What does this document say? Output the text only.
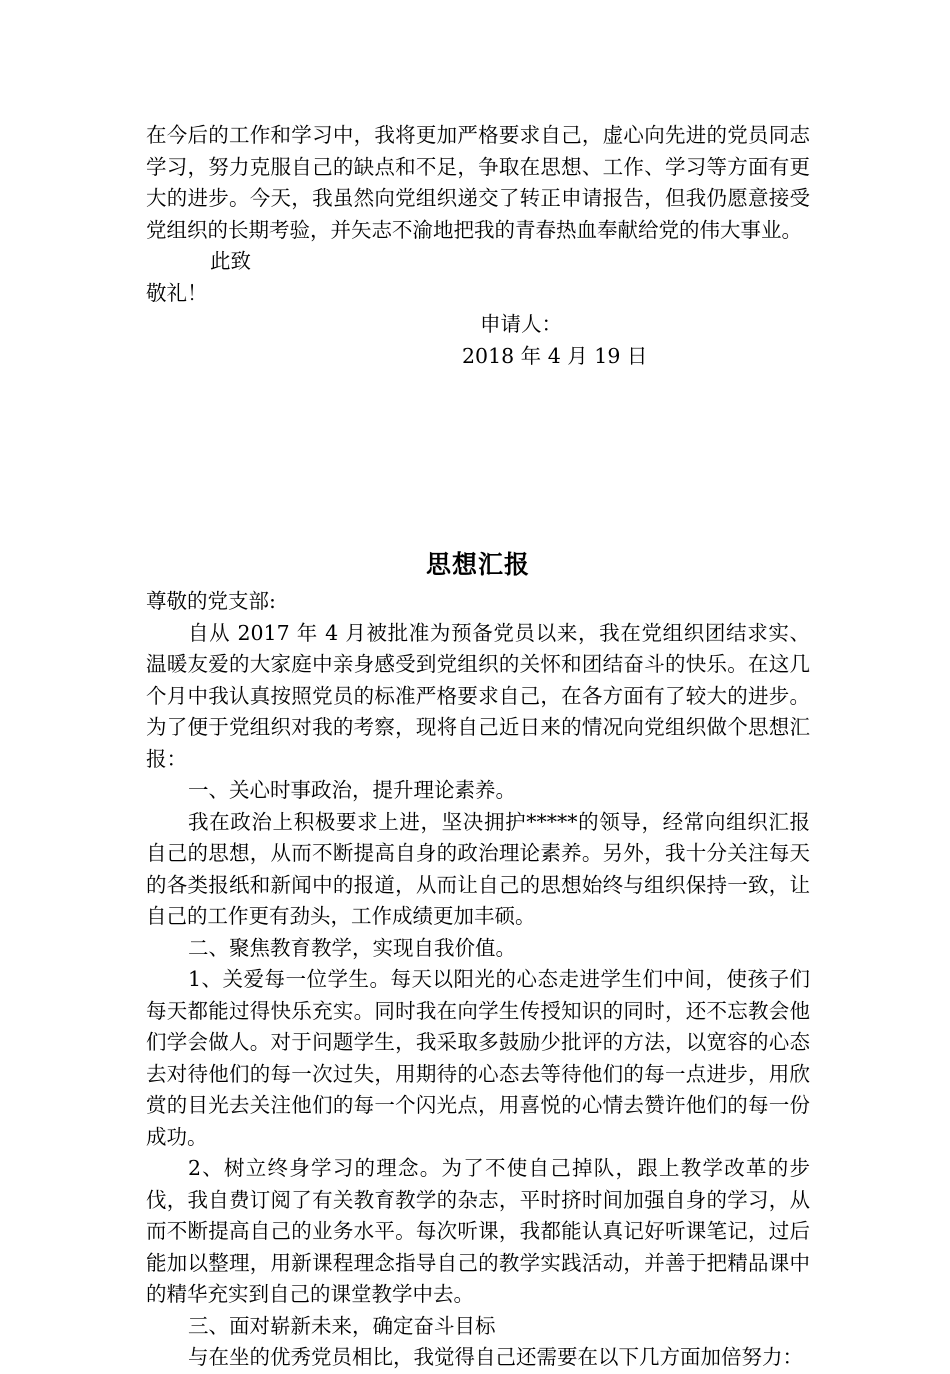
在今后的工作和学习中，我将更加严格要求自己，虚心向先进的党员同志学习，努力克服自己的缺点和不足，争取在思想、工作、学习等方面有更大的进步。今天，我虽然向党组织递交了转正申请报告，但我仍愿意接受党组织的长期考验，并矢志不渝地把我的青春热血奉献给党的伟大事业。

此致

敬礼！

申请人：

2018 年 4 月 19 日

思想汇报

尊敬的党支部:

自从 2017 年 4 月被批准为预备党员以来，我在党组织团结求实、温暖友爱的大家庭中亲身感受到党组织的关怀和团结奋斗的快乐。在这几个月中我认真按照党员的标准严格要求自己，在各方面有了较大的进步。为了便于党组织对我的考察，现将自己近日来的情况向党组织做个思想汇报：

一、关心时事政治，提升理论素养。

我在政治上积极要求上进，坚决拥护*****的领导，经常向组织汇报自己的思想，从而不断提高自身的政治理论素养。另外，我十分关注每天的各类报纸和新闻中的报道，从而让自己的思想始终与组织保持一致，让自己的工作更有劲头，工作成绩更加丰硕。

二、聚焦教育教学，实现自我价值。

1、关爱每一位学生。每天以阳光的心态走进学生们中间，使孩子们每天都能过得快乐充实。同时我在向学生传授知识的同时，还不忘教会他们学会做人。对于问题学生，我采取多鼓励少批评的方法，以宽容的心态去对待他们的每一次过失，用期待的心态去等待他们的每一点进步，用欣赏的目光去关注他们的每一个闪光点，用喜悦的心情去赞许他们的每一份成功。

2、树立终身学习的理念。为了不使自己掉队，跟上教学改革的步伐，我自费订阅了有关教育教学的杂志，平时挤时间加强自身的学习，从而不断提高自己的业务水平。每次听课，我都能认真记好听课笔记，过后能加以整理，用新课程理念指导自己的教学实践活动，并善于把精品课中的精华充实到自己的课堂教学中去。

三、面对崭新未来，确定奋斗目标

与在坐的优秀党员相比，我觉得自己还需要在以下几方面加倍努力：
